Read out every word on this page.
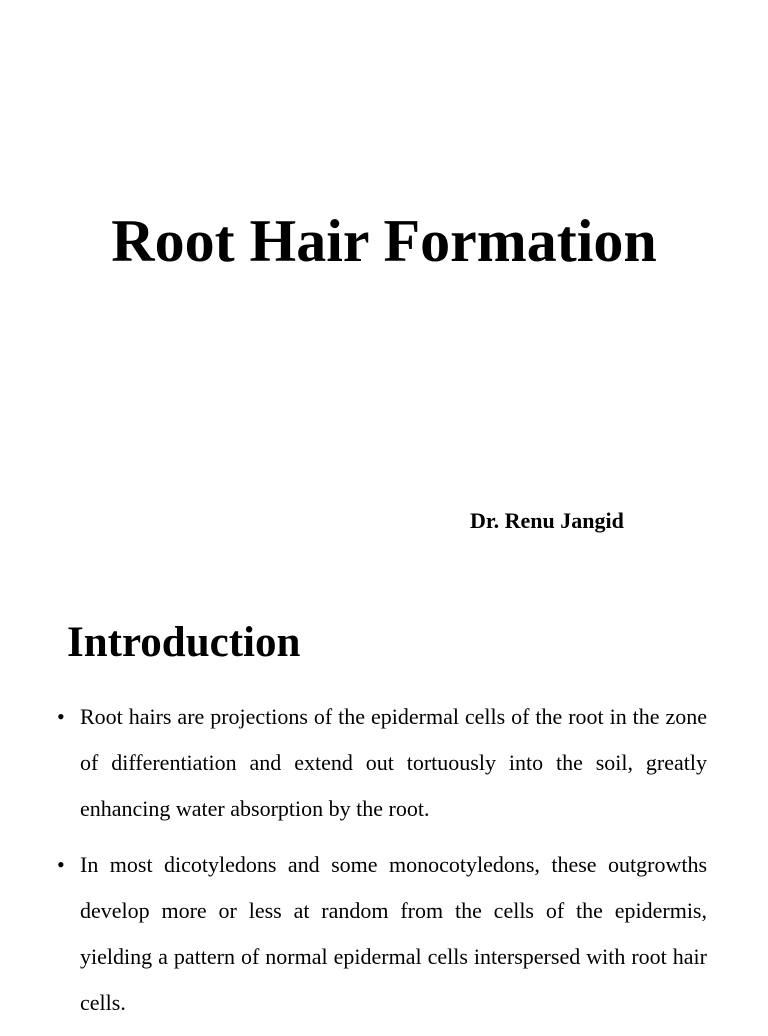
Root Hair Formation

Dr. Renu Jangid

Introduction
• Root hairs are projections of the epidermal cells of the root in the zone of differentiation and extend out tortuously into the soil, greatly enhancing water absorption by the root.
• In most dicotyledons and some monocotyledons, these outgrowths develop more or less at random from the cells of the epidermis, yielding a pattern of normal epidermal cells interspersed with root hair cells.
